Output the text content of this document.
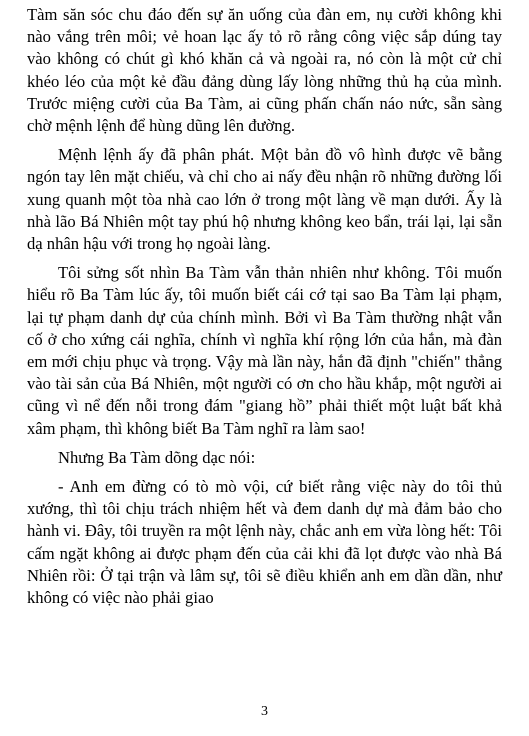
Tàm săn sóc chu đáo đến sự ăn uống của đàn em, nụ cười không khi nào vắng trên môi; vẻ hoan lạc ấy tỏ rõ rằng công việc sắp dúng tay vào không có chút gì khó khăn cả và ngoài ra, nó còn là một cử chỉ khéo léo của một kẻ đầu đảng dùng lấy lòng những thủ hạ của mình. Trước miệng cười của Ba Tàm, ai cũng phấn chấn náo nức, sẵn sàng chờ mệnh lệnh để hùng dũng lên đường.

Mệnh lệnh ấy đã phân phát. Một bản đồ vô hình được vẽ bằng ngón tay lên mặt chiếu, và chỉ cho ai nấy đều nhận rõ những đường lối xung quanh một tòa nhà cao lớn ở trong một làng về mạn dưới. Ấy là nhà lão Bá Nhiên một tay phú hộ nhưng không keo bẩn, trái lại, lại sẵn dạ nhân hậu với trong họ ngoài làng.

Tôi sửng sốt nhìn Ba Tàm vẫn thản nhiên như không. Tôi muốn hiểu rõ Ba Tàm lúc ấy, tôi muốn biết cái cớ tại sao Ba Tàm lại phạm, lại tự phạm danh dự của chính mình. Bởi vì Ba Tàm thường nhật vẫn cố ở cho xứng cái nghĩa, chính vì nghĩa khí rộng lớn của hắn, mà đàn em mới chịu phục và trọng. Vậy mà lần này, hắn đã định "chiến" thẳng vào tài sản của Bá Nhiên, một người có ơn cho hầu khắp, một người ai cũng vì nể đến nỗi trong đám "giang hồ” phải thiết một luật bất khả xâm phạm, thì không biết Ba Tàm nghĩ ra làm sao!

Nhưng Ba Tàm dõng dạc nói:

- Anh em đừng có tò mò vội, cứ biết rằng việc này do tôi thủ xướng, thì tôi chịu trách nhiệm hết và đem danh dự mà đảm bảo cho hành vi. Đây, tôi truyền ra một lệnh này, chắc anh em vừa lòng hết: Tôi cấm ngặt không ai được phạm đến của cải khi đã lọt được vào nhà Bá Nhiên rồi: Ở tại trận và lâm sự, tôi sẽ điều khiển anh em dần dần, như không có việc nào phải giao

3
